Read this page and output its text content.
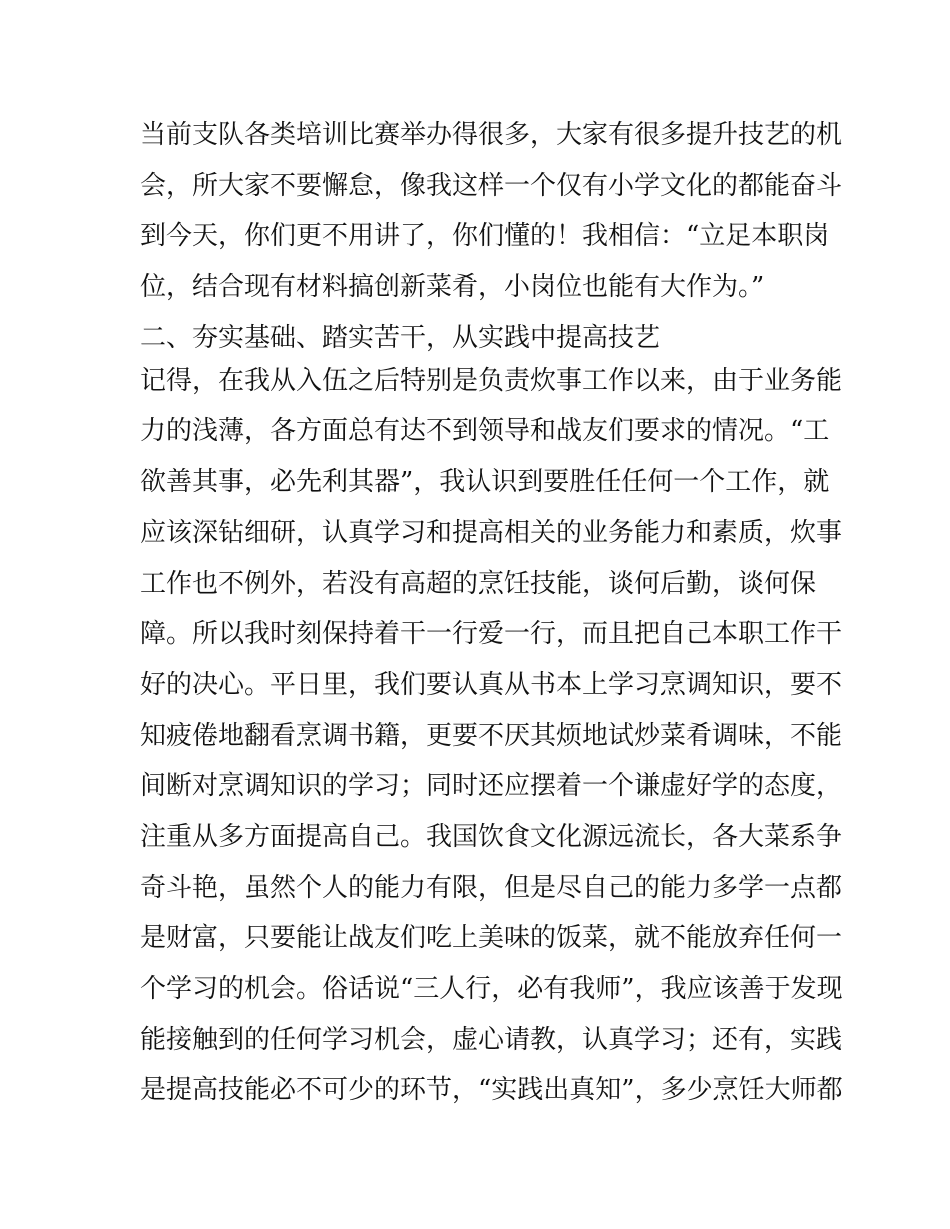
当前支队各类培训比赛举办得很多，大家有很多提升技艺的机
会，所大家不要懈怠，像我这样一个仅有小学文化的都能奋斗
到今天，你们更不用讲了，你们懂的！我相信：“立足本职岗
位，结合现有材料搞创新菜肴，小岗位也能有大作为。”
二、夯实基础、踏实苦干，从实践中提高技艺
记得，在我从入伍之后特别是负责炊事工作以来，由于业务能
力的浅薄，各方面总有达不到领导和战友们要求的情况。“工
欲善其事，必先利其器”，我认识到要胜任任何一个工作，就
应该深钻细研，认真学习和提高相关的业务能力和素质，炊事
工作也不例外，若没有高超的烹饪技能，谈何后勤，谈何保
障。所以我时刻保持着干一行爱一行，而且把自己本职工作干
好的决心。平日里，我们要认真从书本上学习烹调知识，要不
知疲倦地翻看烹调书籍，更要不厌其烦地试炒菜肴调味，不能
间断对烹调知识的学习；同时还应摆着一个谦虚好学的态度，
注重从多方面提高自己。我国饮食文化源远流长，各大菜系争
奇斗艳，虽然个人的能力有限，但是尽自己的能力多学一点都
是财富，只要能让战友们吃上美味的饭菜，就不能放弃任何一
个学习的机会。俗话说“三人行，必有我师”，我应该善于发现
能接触到的任何学习机会，虚心请教，认真学习；还有，实践
是提高技能必不可少的环节，“实践出真知”，多少烹饪大师都
